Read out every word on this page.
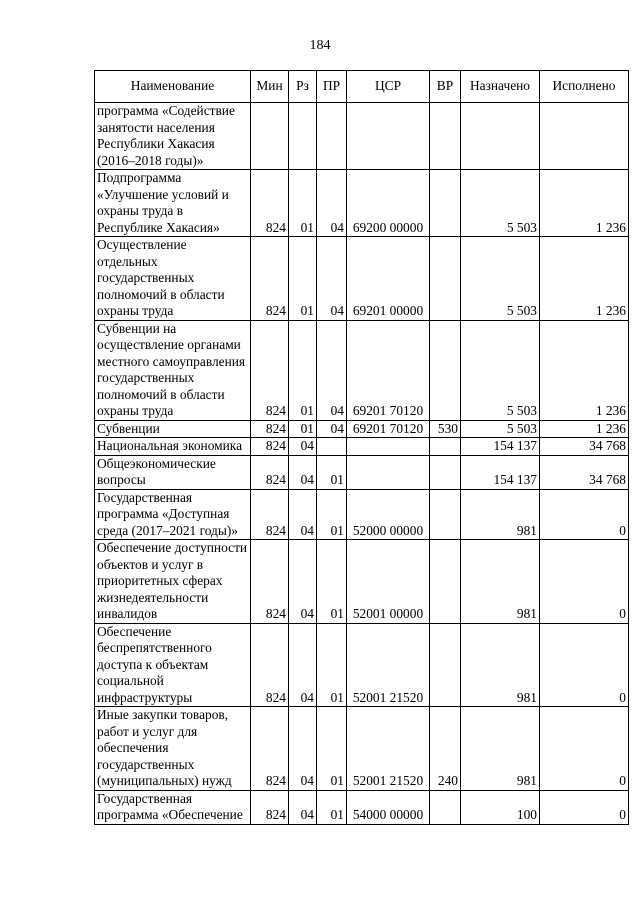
184
Наименование	Мин	Рз	ПР	ЦСР	ВР	Назначено	Исполнено
программа «Содействие занятости населения Республики Хакасия (2016–2018 годы)»							
Подпрограмма «Улучшение условий и охраны труда в Республике Хакасия»	824	01	04	69200 00000		5 503	1 236
Осуществление отдельных государственных полномочий в области охраны труда	824	01	04	69201 00000		5 503	1 236
Субвенции на осуществление органами местного самоуправления государственных полномочий в области охраны труда	824	01	04	69201 70120		5 503	1 236
Субвенции	824	01	04	69201 70120	530	5 503	1 236
Национальная экономика	824	04				154 137	34 768
Общеэкономические вопросы	824	04	01			154 137	34 768
Государственная программа «Доступная среда (2017–2021 годы)»	824	04	01	52000 00000		981	0
Обеспечение доступности объектов и услуг в приоритетных сферах жизнедеятельности инвалидов	824	04	01	52001 00000		981	0
Обеспечение беспрепятственного доступа к объектам социальной инфраструктуры	824	04	01	52001 21520		981	0
Иные закупки товаров, работ и услуг для обеспечения государственных (муниципальных) нужд	824	04	01	52001 21520	240	981	0
Государственная программа «Обеспечение	824	04	01	54000 00000		100	0
